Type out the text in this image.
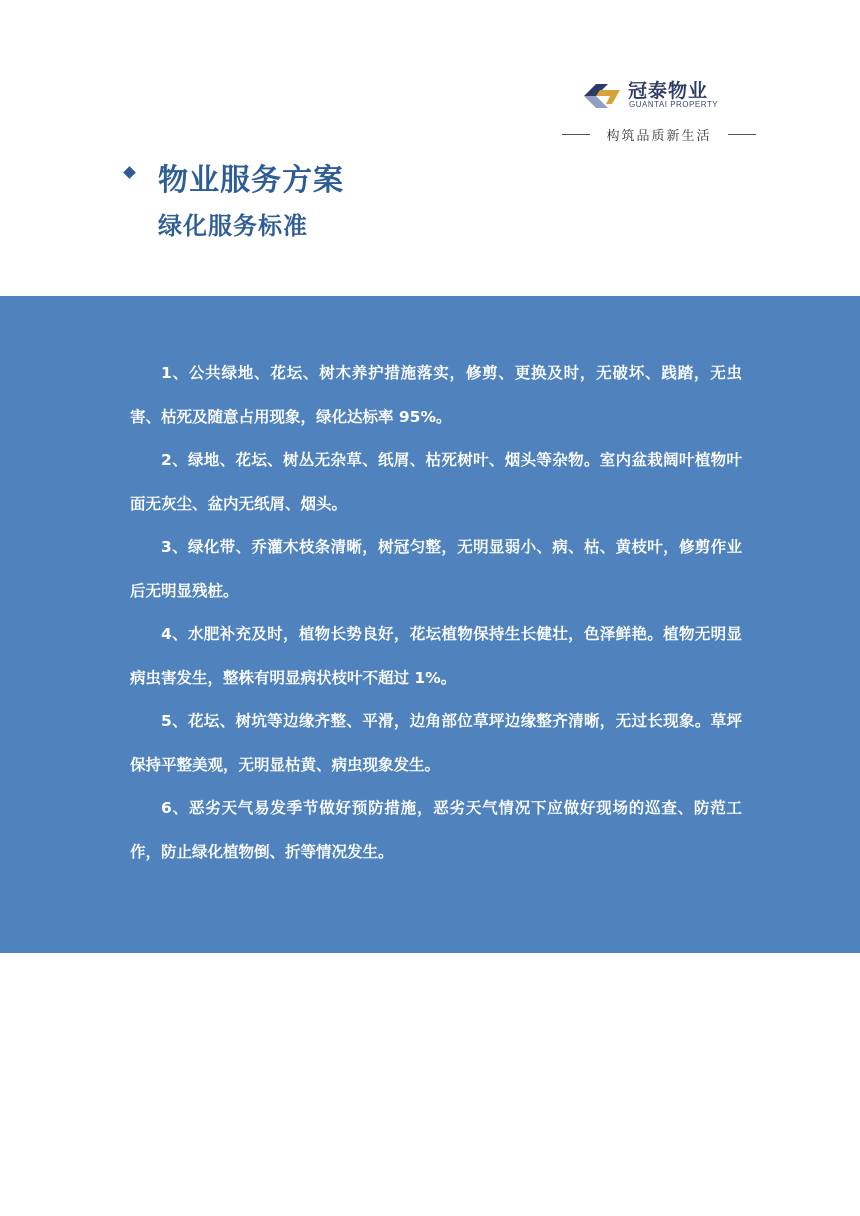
冠泰物业
GUANTAI PROPERTY
构筑品质新生活
物业服务方案
绿化服务标准

1、公共绿地、花坛、树木养护措施落实，修剪、更换及时，无破坏、践踏，无虫害、枯死及随意占用现象，绿化达标率 95%。

2、绿地、花坛、树丛无杂草、纸屑、枯死树叶、烟头等杂物。室内盆栽阔叶植物叶面无灰尘、盆内无纸屑、烟头。

3、绿化带、乔灌木枝条清晰，树冠匀整，无明显弱小、病、枯、黄枝叶，修剪作业后无明显残桩。

4、水肥补充及时，植物长势良好，花坛植物保持生长健壮，色泽鲜艳。植物无明显病虫害发生，整株有明显病状枝叶不超过 1%。

5、花坛、树坑等边缘齐整、平滑，边角部位草坪边缘整齐清晰，无过长现象。草坪保持平整美观，无明显枯黄、病虫现象发生。

6、恶劣天气易发季节做好预防措施，恶劣天气情况下应做好现场的巡查、防范工作，防止绿化植物倒、折等情况发生。
